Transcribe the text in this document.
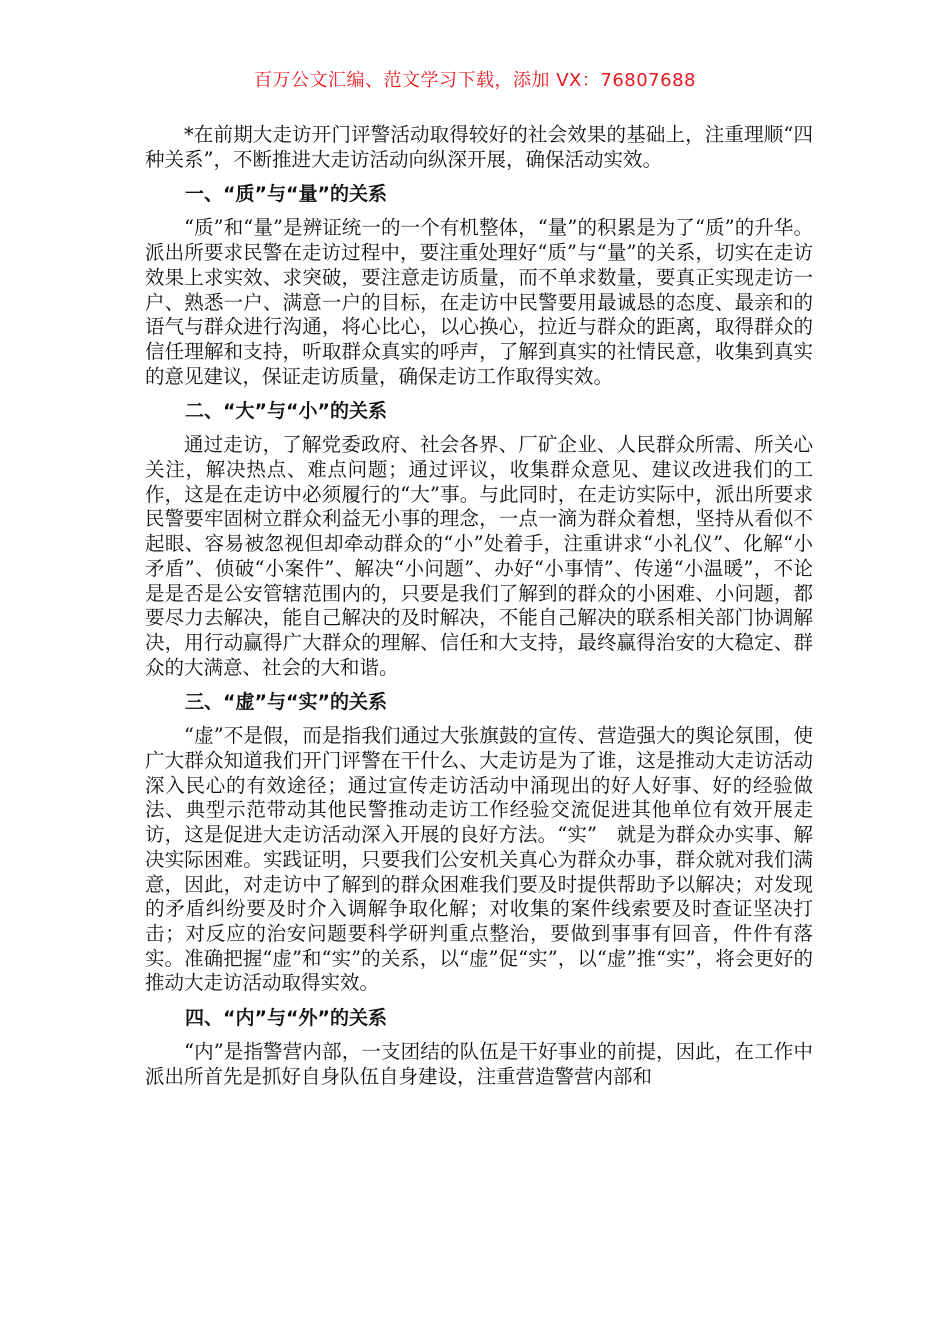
百万公文汇编、范文学习下载，添加 VX：76807688

*在前期大走访开门评警活动取得较好的社会效果的基础上，注重理顺“四种关系”，不断推进大走访活动向纵深开展，确保活动实效。

一、“质”与“量”的关系

“质”和“量”是辨证统一的一个有机整体，“量”的积累是为了“质”的升华。派出所要求民警在走访过程中，要注重处理好“质”与“量”的关系，切实在走访效果上求实效、求突破，要注意走访质量，而不单求数量，要真正实现走访一户、熟悉一户、满意一户的目标，在走访中民警要用最诚恳的态度、最亲和的语气与群众进行沟通，将心比心，以心换心，拉近与群众的距离，取得群众的信任理解和支持，听取群众真实的呼声，了解到真实的社情民意，收集到真实的意见建议，保证走访质量，确保走访工作取得实效。

二、“大”与“小”的关系

通过走访，了解党委政府、社会各界、厂矿企业、人民群众所需、所关心关注，解决热点、难点问题；通过评议，收集群众意见、建议改进我们的工作，这是在走访中必须履行的“大”事。与此同时，在走访实际中，派出所要求民警要牢固树立群众利益无小事的理念，一点一滴为群众着想，坚持从看似不起眼、容易被忽视但却牵动群众的“小”处着手，注重讲求“小礼仪”、化解“小矛盾”、侦破“小案件”、解决“小问题”、办好“小事情”、传递“小温暖”，不论是是否是公安管辖范围内的，只要是我们了解到的群众的小困难、小问题，都要尽力去解决，能自己解决的及时解决，不能自己解决的联系相关部门协调解决，用行动赢得广大群众的理解、信任和大支持，最终赢得治安的大稳定、群众的大满意、社会的大和谐。

三、“虚”与“实”的关系

“虚”不是假，而是指我们通过大张旗鼓的宣传、营造强大的舆论氛围，使广大群众知道我们开门评警在干什么、大走访是为了谁，这是推动大走访活动深入民心的有效途径；通过宣传走访活动中涌现出的好人好事、好的经验做法、典型示范带动其他民警推动走访工作经验交流促进其他单位有效开展走访，这是促进大走访活动深入开展的良好方法。“实”　就是为群众办实事、解决实际困难。实践证明，只要我们公安机关真心为群众办事，群众就对我们满意，因此，对走访中了解到的群众困难我们要及时提供帮助予以解决；对发现的矛盾纠纷要及时介入调解争取化解；对收集的案件线索要及时查证坚决打击；对反应的治安问题要科学研判重点整治，要做到事事有回音，件件有落实。准确把握“虚”和“实”的关系，以“虚”促“实”，以“虚”推“实”，将会更好的推动大走访活动取得实效。

四、“内”与“外”的关系

“内”是指警营内部，一支团结的队伍是干好事业的前提，因此，在工作中派出所首先是抓好自身队伍自身建设，注重营造警营内部和
